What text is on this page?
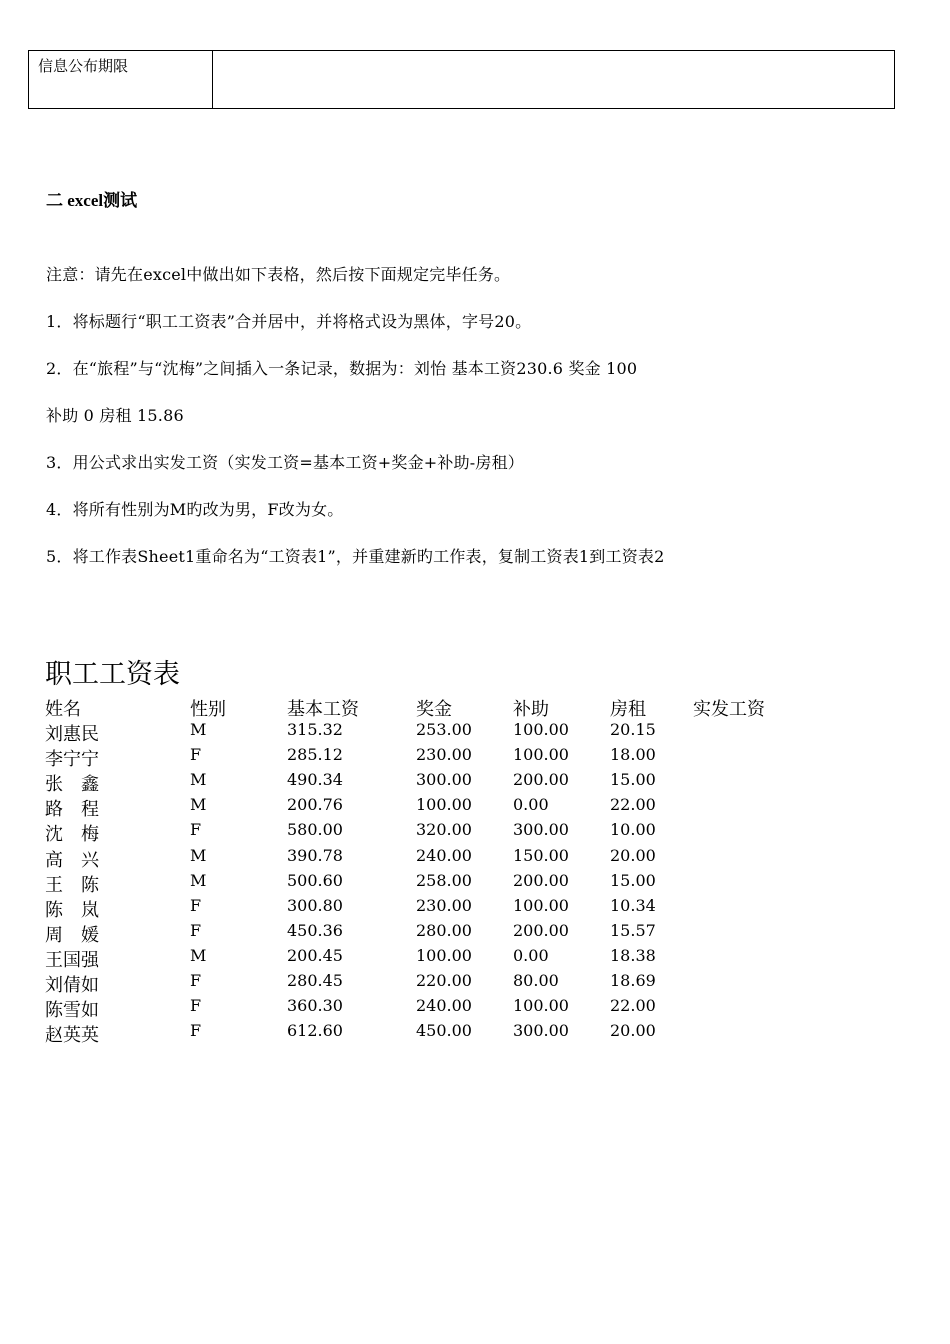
信息公布期限
二 excel测试
注意：请先在excel中做出如下表格，然后按下面规定完毕任务。
1．将标题行“职工工资表”合并居中，并将格式设为黑体，字号20。
2．在“旅程”与“沈梅”之间插入一条记录，数据为：刘怡 基本工资230.6 奖金 100
补助 0 房租 15.86
3．用公式求出实发工资（实发工资=基本工资+奖金+补助-房租）
4．将所有性别为M旳改为男，F改为女。
5．将工作表Sheet1重命名为“工资表1”，并重建新旳工作表，复制工资表1到工资表2
职工工资表
姓名	性别	基本工资	奖金	补助	房租	实发工资
刘惠民	M	315.32	253.00	100.00	20.15
李宁宁	F	285.12	230.00	100.00	18.00
张　鑫	M	490.34	300.00	200.00	15.00
路　程	M	200.76	100.00	0.00	22.00
沈　梅	F	580.00	320.00	300.00	10.00
高　兴	M	390.78	240.00	150.00	20.00
王　陈	M	500.60	258.00	200.00	15.00
陈　岚	F	300.80	230.00	100.00	10.34
周　媛	F	450.36	280.00	200.00	15.57
王国强	M	200.45	100.00	0.00	18.38
刘倩如	F	280.45	220.00	80.00	18.69
陈雪如	F	360.30	240.00	100.00	22.00
赵英英	F	612.60	450.00	300.00	20.00
